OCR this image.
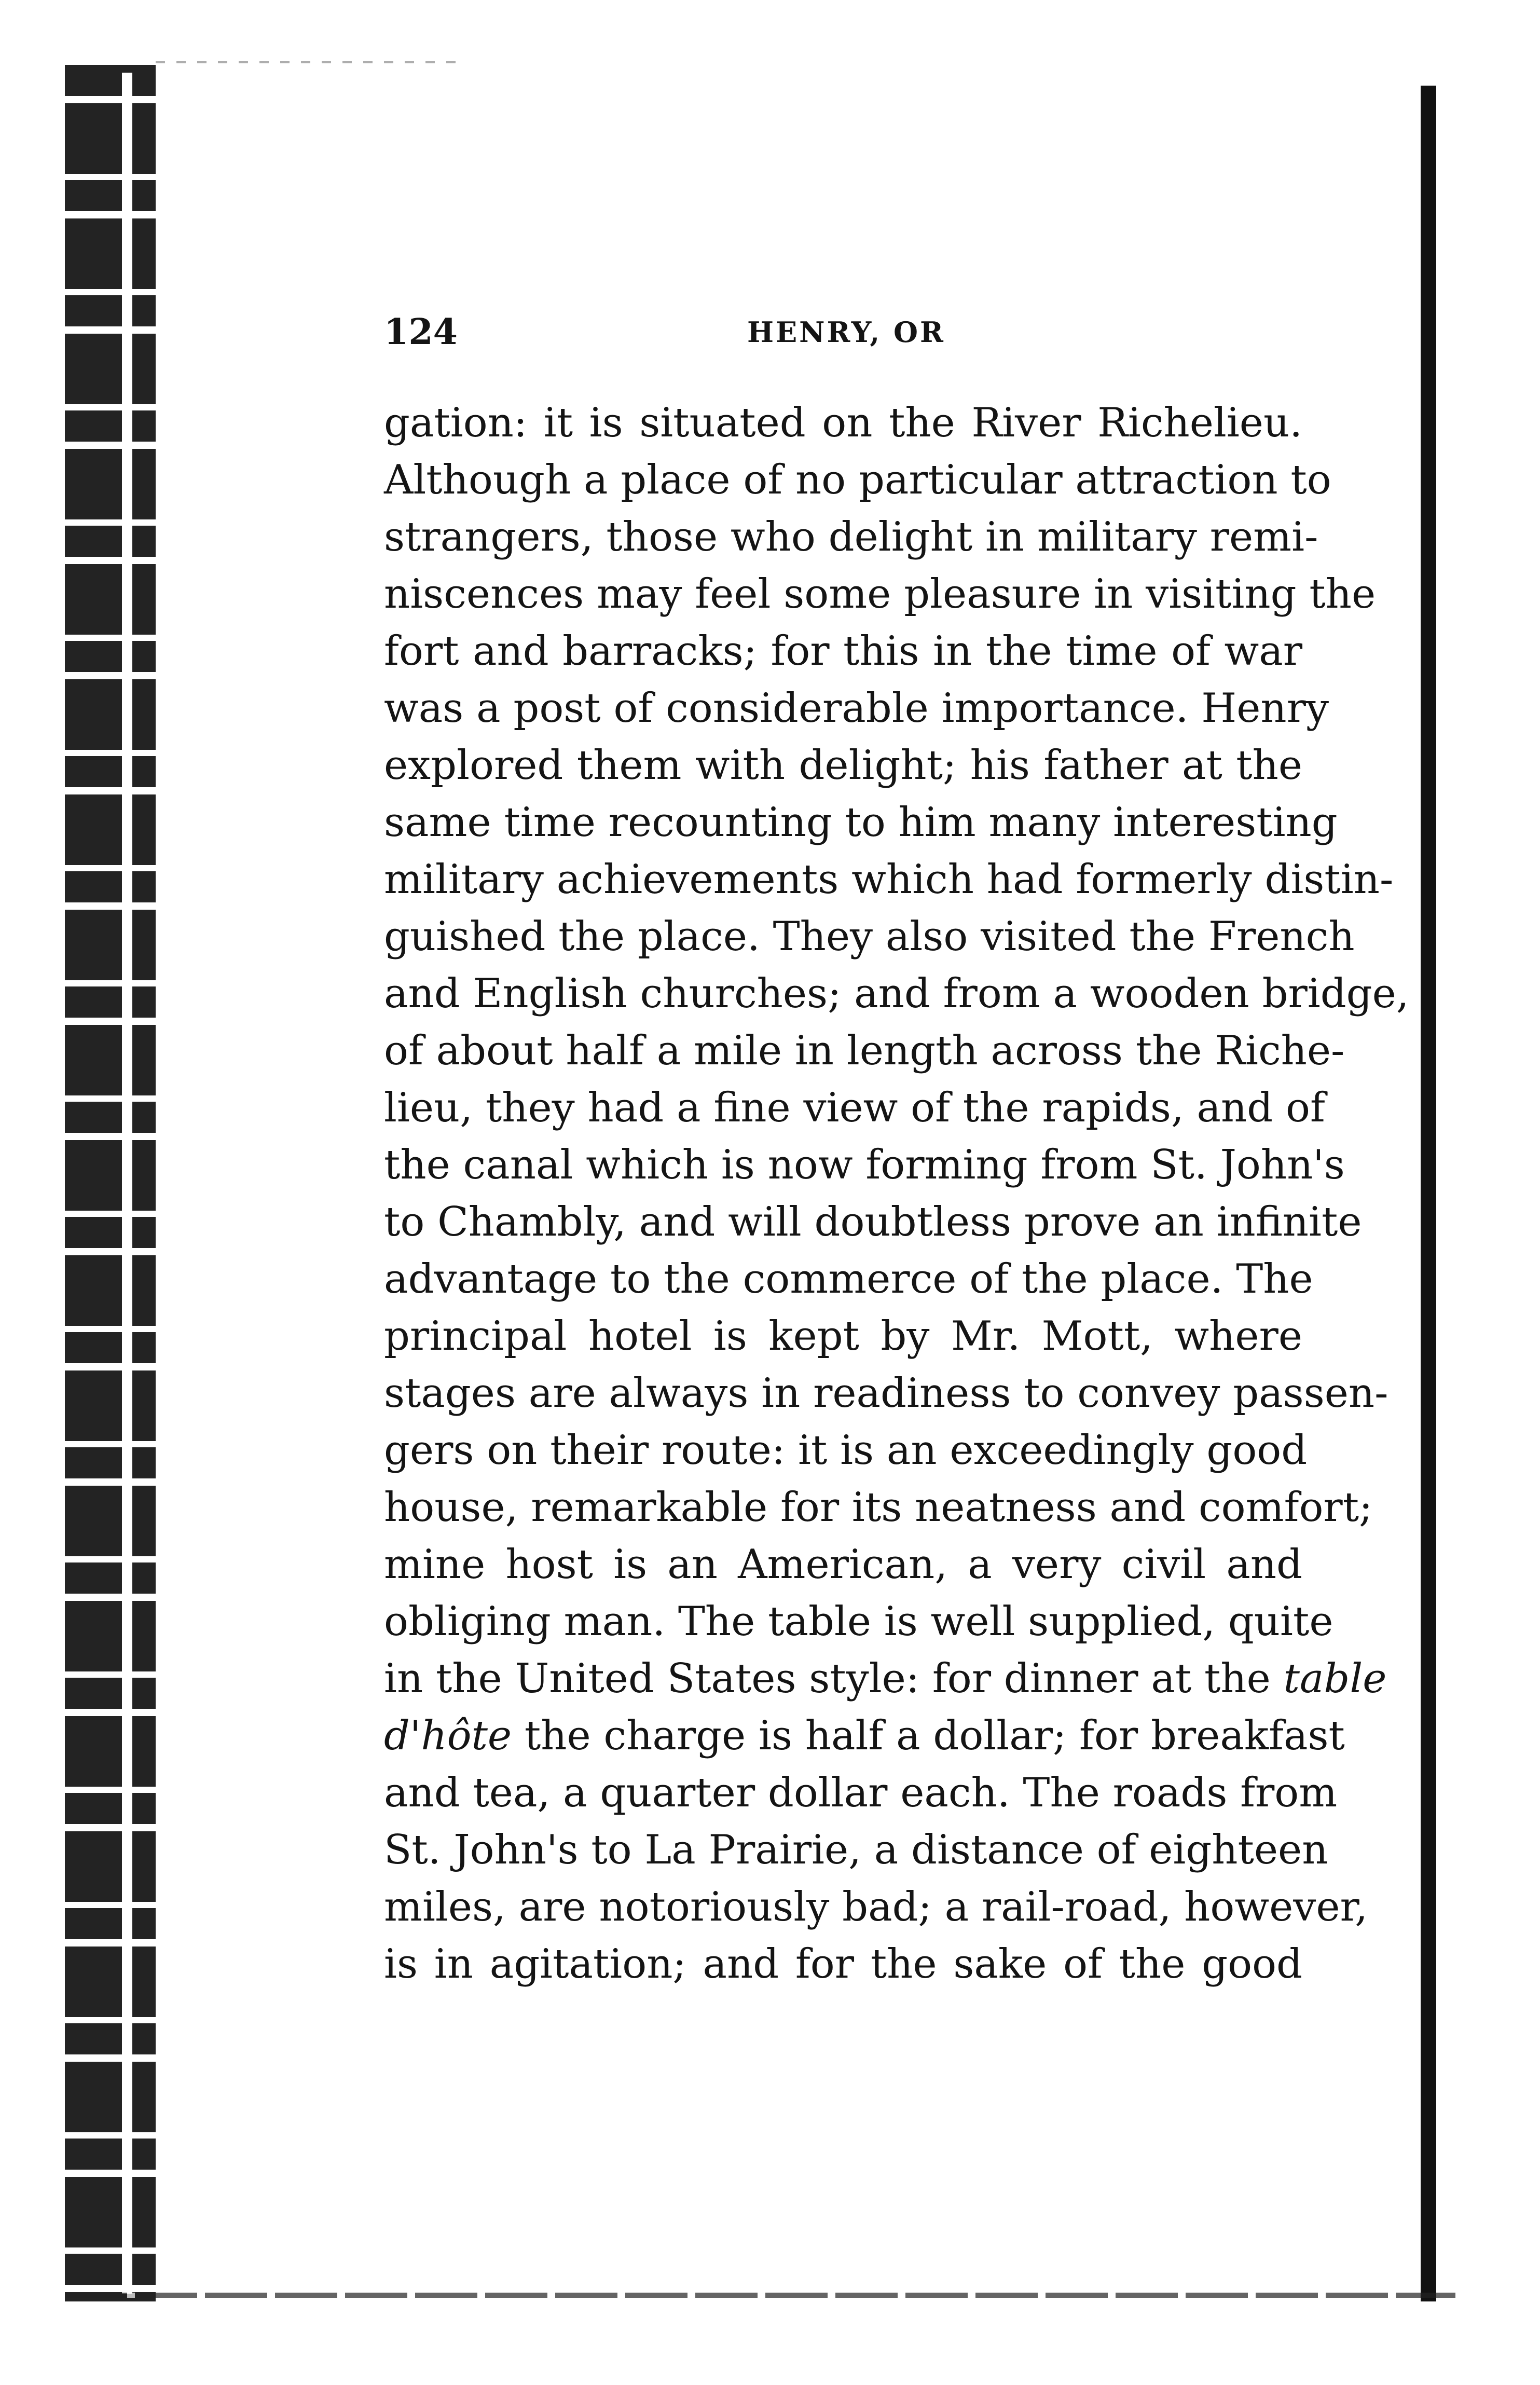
124	HENRY, OR
gation: it is situated on the River Richelieu.
Although a place of no particular attraction to
strangers, those who delight in military remi-
niscences may feel some pleasure in visiting the
fort and barracks; for this in the time of war
was a post of considerable importance. Henry
explored them with delight; his father at the
same time recounting to him many interesting
military achievements which had formerly distin-
guished the place. They also visited the French
and English churches; and from a wooden bridge,
of about half a mile in length across the Riche-
lieu, they had a fine view of the rapids, and of
the canal which is now forming from St. John's
to Chambly, and will doubtless prove an infinite
advantage to the commerce of the place. The
principal hotel is kept by Mr. Mott, where
stages are always in readiness to convey passen-
gers on their route: it is an exceedingly good
house, remarkable for its neatness and comfort;
mine host is an American, a very civil and
obliging man. The table is well supplied, quite
in the United States style: for dinner at the table
d'hôte the charge is half a dollar; for breakfast
and tea, a quarter dollar each. The roads from
St. John's to La Prairie, a distance of eighteen
miles, are notoriously bad; a rail-road, however,
is in agitation; and for the sake of the good
